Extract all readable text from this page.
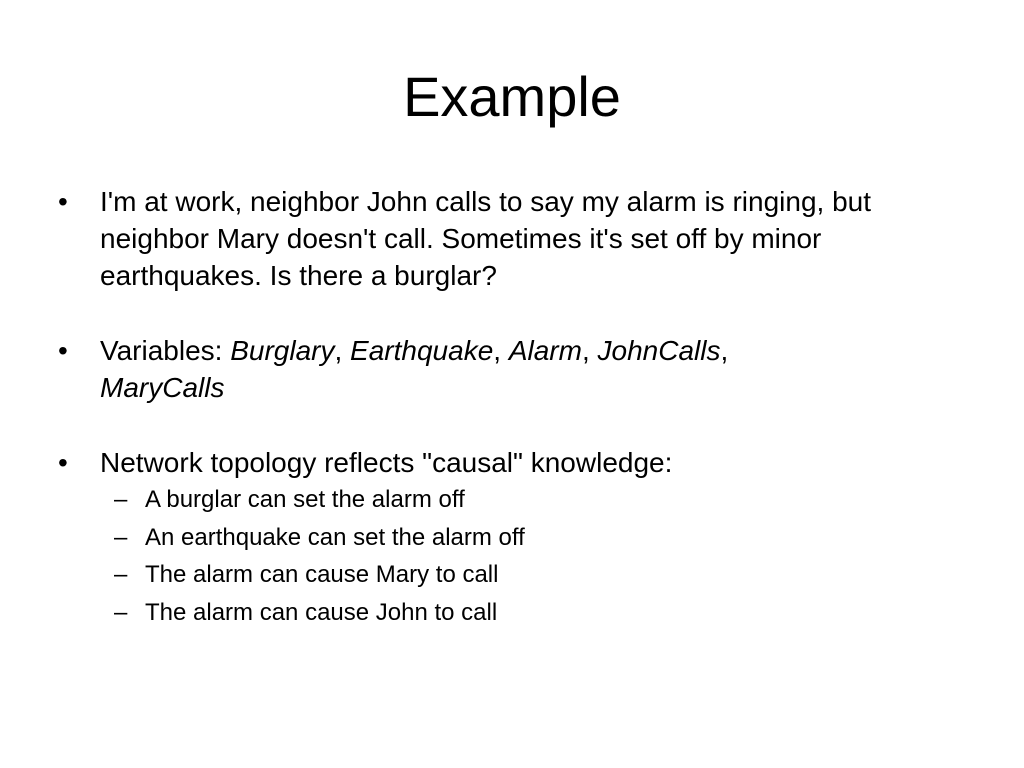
Example
• I'm at work, neighbor John calls to say my alarm is ringing, but neighbor Mary doesn't call. Sometimes it's set off by minor earthquakes. Is there a burglar?
• Variables: Burglary, Earthquake, Alarm, JohnCalls,
MaryCalls
• Network topology reflects "causal" knowledge:
– A burglar can set the alarm off
– An earthquake can set the alarm off
– The alarm can cause Mary to call
– The alarm can cause John to call
